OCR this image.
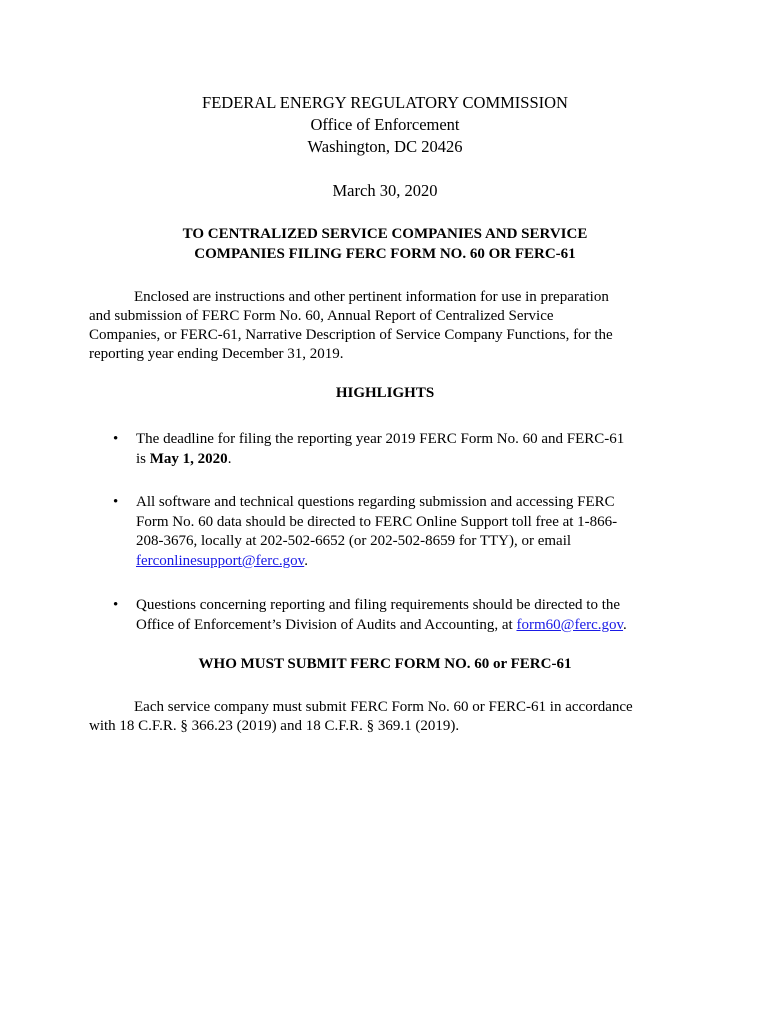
FEDERAL ENERGY REGULATORY COMMISSION
Office of Enforcement
Washington, DC 20426
March 30, 2020
TO CENTRALIZED SERVICE COMPANIES AND SERVICE
COMPANIES FILING FERC FORM NO. 60 OR FERC-61
Enclosed are instructions and other pertinent information for use in preparation
and submission of FERC Form No. 60, Annual Report of Centralized Service
Companies, or FERC-61, Narrative Description of Service Company Functions, for the
reporting year ending December 31, 2019.
HIGHLIGHTS
• The deadline for filing the reporting year 2019 FERC Form No. 60 and FERC-61
is May 1, 2020.
• All software and technical questions regarding submission and accessing FERC
Form No. 60 data should be directed to FERC Online Support toll free at 1-866-
208-3676, locally at 202-502-6652 (or 202-502-8659 for TTY), or email
ferconlinesupport@ferc.gov.
• Questions concerning reporting and filing requirements should be directed to the
Office of Enforcement’s Division of Audits and Accounting, at form60@ferc.gov.
WHO MUST SUBMIT FERC FORM NO. 60 or FERC-61
Each service company must submit FERC Form No. 60 or FERC-61 in accordance
with 18 C.F.R. § 366.23 (2019) and 18 C.F.R. § 369.1 (2019).
